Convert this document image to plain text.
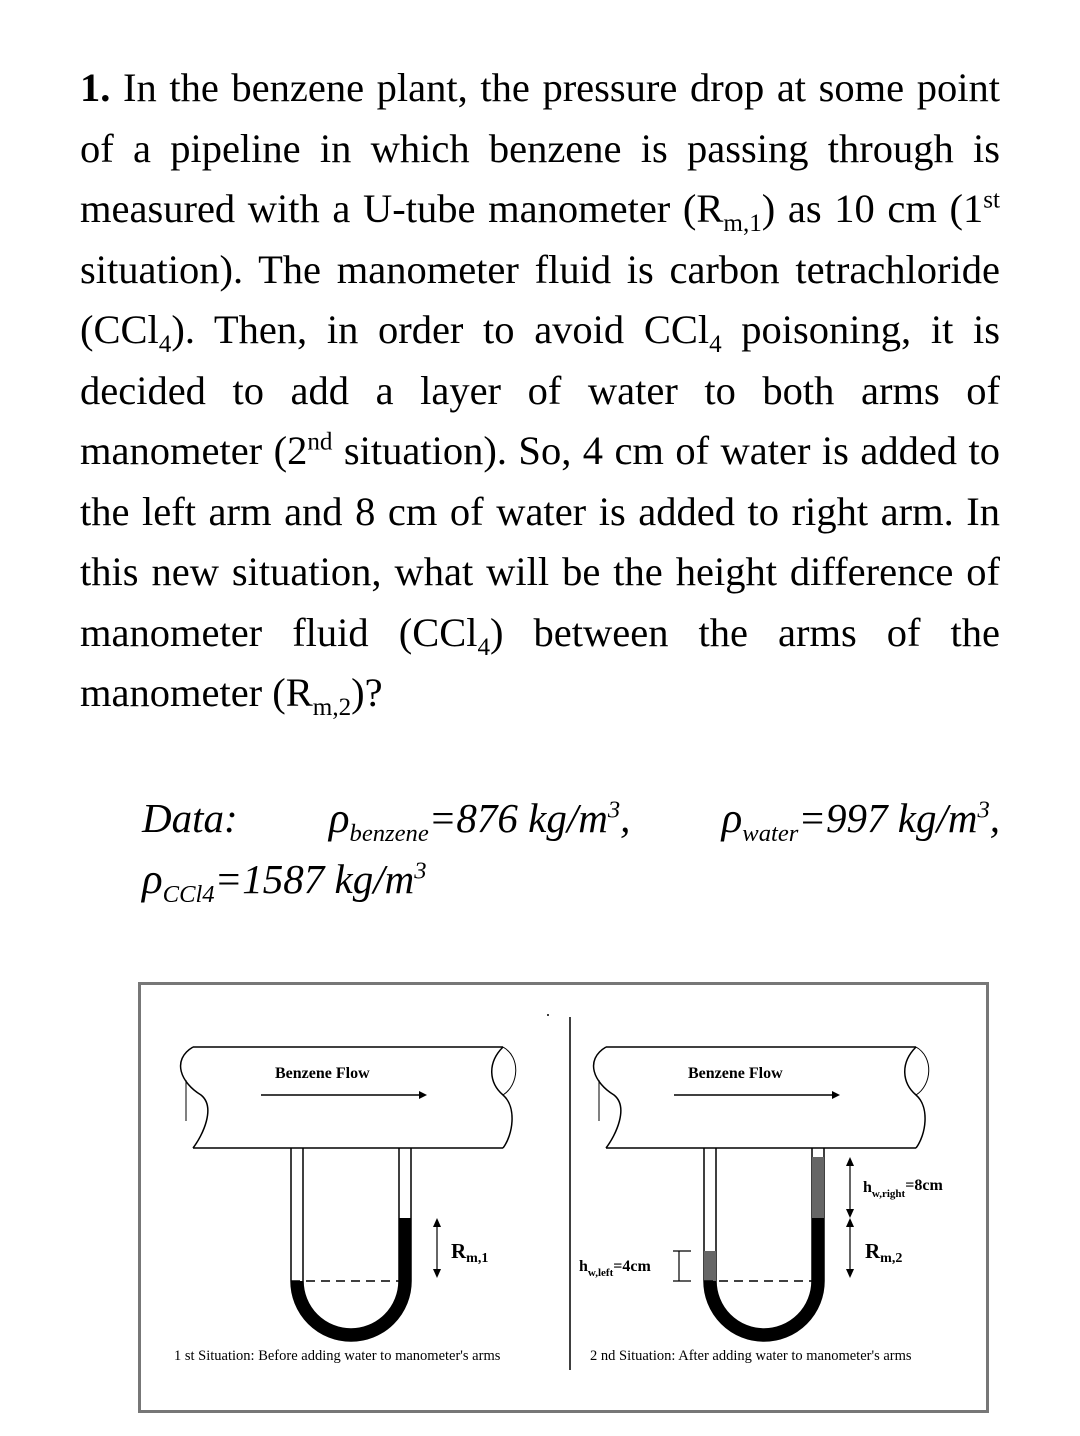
1. In the benzene plant, the pressure drop at some point of a pipeline in which benzene is passing through is measured with a U-tube manometer $(R_{m,1})$ as 10 cm (1st situation). The manometer fluid is carbon tetrachloride (CCl$_4$). Then, in order to avoid CCl$_4$ poisoning, it is decided to add a layer of water to both arms of manometer (2nd situation). So, 4 cm of water is added to the left arm and 8 cm of water is added to right arm. In this new situation, what will be the height difference of manometer fluid (CCl$_4$) between the arms of the manometer $(R_{m,2})$?
Data: $\rho_{benzene}=876$ $kg/m^3$, $\rho_{water}=997$ $kg/m^3$,
$\rho_{CCl4}=1587$ $kg/m^3$
Benzene Flow
Rm,1
1 st Situation: Before adding water to manometer's arms
Benzene Flow
$h_{w,left}=4cm$
$h_{w,right}=8cm$
Rm,2
2 nd Situation: After adding water to manometer's arms
